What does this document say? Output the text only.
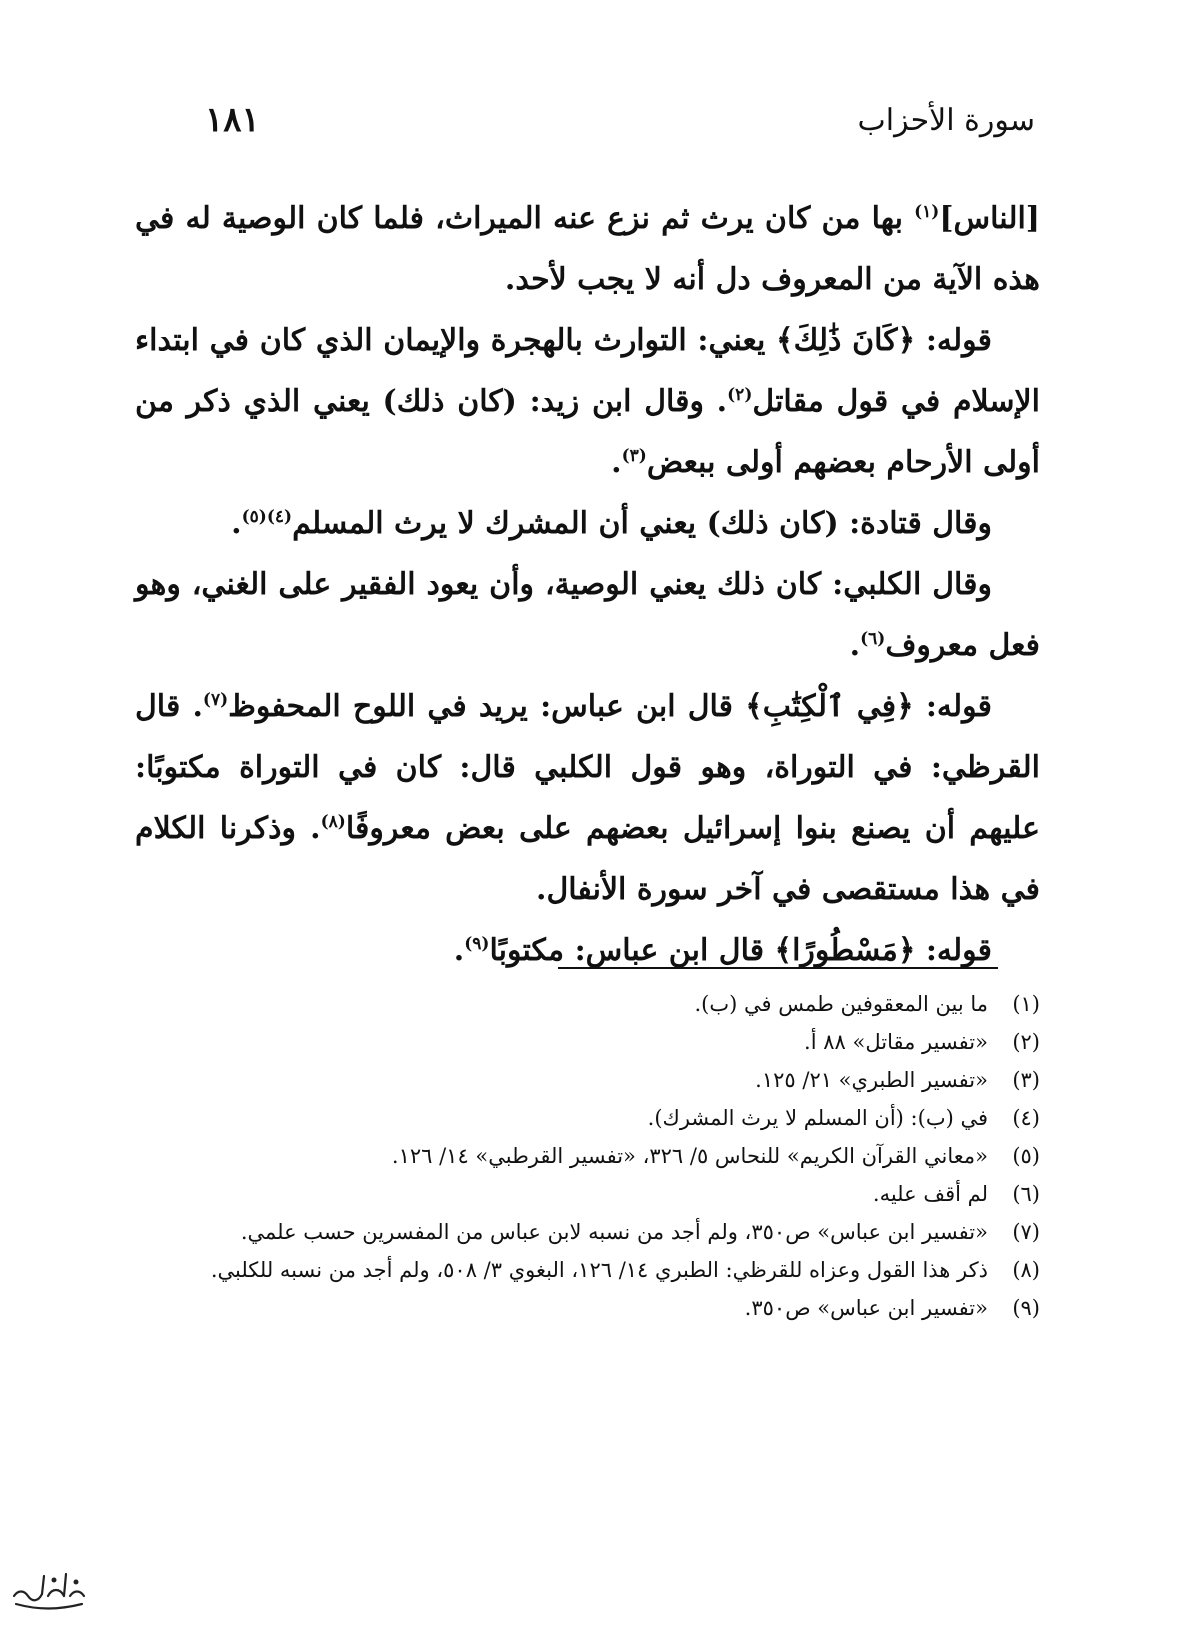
سورة الأحزاب
١٨١

[الناس]$^{(١)}$ بها من كان يرث ثم نزع عنه الميراث، فلما كان الوصية له في هذه الآية من المعروف دل أنه لا يجب لأحد.

قوله: ﴿كَانَ ذَٰلِكَ﴾ يعني: التوارث بالهجرة والإيمان الذي كان في ابتداء الإسلام في قول مقاتل$^{(٢)}$. وقال ابن زيد: (كان ذلك) يعني الذي ذكر من أولى الأرحام بعضهم أولى ببعض$^{(٣)}$.

وقال قتادة: (كان ذلك) يعني أن المشرك لا يرث المسلم$^{(٤)(٥)}$.

وقال الكلبي: كان ذلك يعني الوصية، وأن يعود الفقير على الغني، وهو فعل معروف$^{(٦)}$.

قوله: ﴿فِي ٱلْكِتَٰبِ﴾ قال ابن عباس: يريد في اللوح المحفوظ$^{(٧)}$. قال القرظي: في التوراة، وهو قول الكلبي قال: كان في التوراة مكتوبًا: عليهم أن يصنع بنوا إسرائيل بعضهم على بعض معروفًا$^{(٨)}$. وذكرنا الكلام في هذا مستقصى في آخر سورة الأنفال.

قوله: ﴿مَسْطُورًا﴾ قال ابن عباس: مكتوبًا$^{(٩)}$.

(١)
ما بين المعقوفين طمس في (ب).

(٢)
«تفسير مقاتل» ٨٨ أ.

(٣)
«تفسير الطبري» ٢١/ ١٢٥.

(٤)
في (ب): (أن المسلم لا يرث المشرك).

(٥)
«معاني القرآن الكريم» للنحاس ٥/ ٣٢٦، «تفسير القرطبي» ١٤/ ١٢٦.

(٦)
لم أقف عليه.

(٧)
«تفسير ابن عباس» ص٣٥٠، ولم أجد من نسبه لابن عباس من المفسرين حسب علمي.

(٨)
ذكر هذا القول وعزاه للقرظي: الطبري ١٤/ ١٢٦، البغوي ٣/ ٥٠٨، ولم أجد من نسبه للكلبي.

(٩)
«تفسير ابن عباس» ص٣٥٠.
